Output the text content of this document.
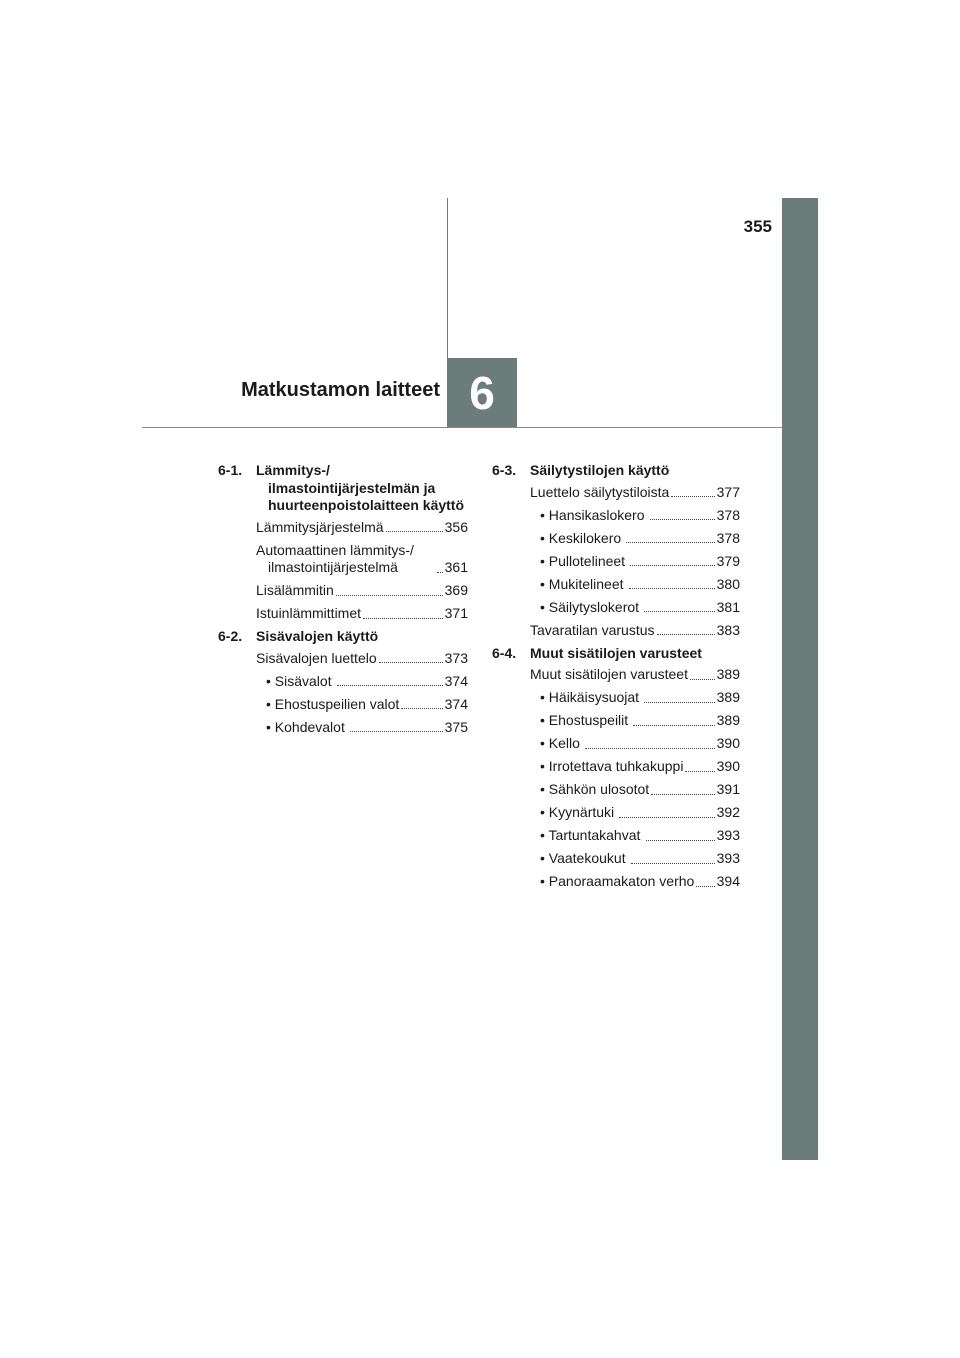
355
Matkustamon laitteet 6
6-1. Lämmitys-/ ilmastointijärjestelmän ja huurteenpoistolaitteen käyttö
Lämmitysjärjestelmä	356
Automaattinen lämmitys-/ ilmastointijärjestelmä	361
Lisälämmitin	369
Istuinlämmittimet	371
6-2. Sisävalojen käyttö
Sisävalojen luettelo	373
• Sisävalot	374
• Ehostuspeilien valot	374
• Kohdevalot	375
6-3. Säilytystilojen käyttö
Luettelo säilytystiloista	377
• Hansikaslokero	378
• Keskilokero	378
• Pullotelineet	379
• Mukitelineet	380
• Säilytyslokerot	381
Tavaratilan varustus	383
6-4. Muut sisätilojen varusteet
Muut sisätilojen varusteet 389
• Häikäisysuojat	389
• Ehostuspeilit	389
• Kello	390
• Irrotettava tuhkakuppi 390
• Sähkön ulosotot	391
• Kyynärtuki	392
• Tartuntakahvat	393
• Vaatekoukut	393
• Panoraamakaton verho 394
